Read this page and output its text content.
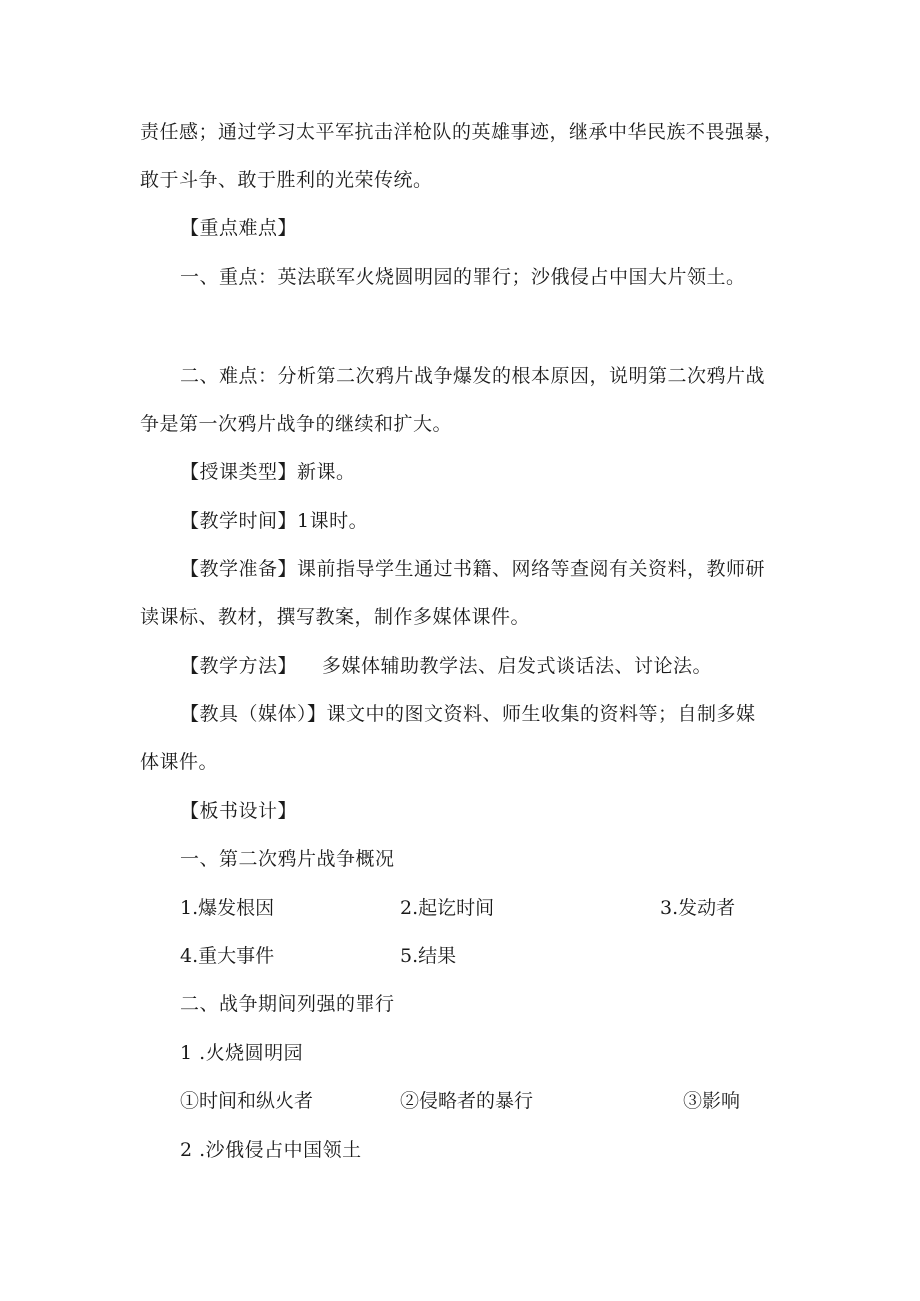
责任感；通过学习太平军抗击洋枪队的英雄事迹，继承中华民族不畏强暴，
敢于斗争、敢于胜利的光荣传统。
【重点难点】
一、重点：英法联军火烧圆明园的罪行；沙俄侵占中国大片领土。
二、难点：分析第二次鸦片战争爆发的根本原因，说明第二次鸦片战
争是第一次鸦片战争的继续和扩大。
【授课类型】新课。
【教学时间】1课时。
【教学准备】课前指导学生通过书籍、网络等查阅有关资料，教师研
读课标、教材，撰写教案，制作多媒体课件。
【教学方法】 多媒体辅助教学法、启发式谈话法、讨论法。
【教具（媒体）】课文中的图文资料、师生收集的资料等；自制多媒
体课件。
【板书设计】
一、第二次鸦片战争概况
1.爆发根因	2.起讫时间	3.发动者
4.重大事件	5.结果
二、战争期间列强的罪行
1 .火烧圆明园
①时间和纵火者	②侵略者的暴行	③影响
2 .沙俄侵占中国领土
